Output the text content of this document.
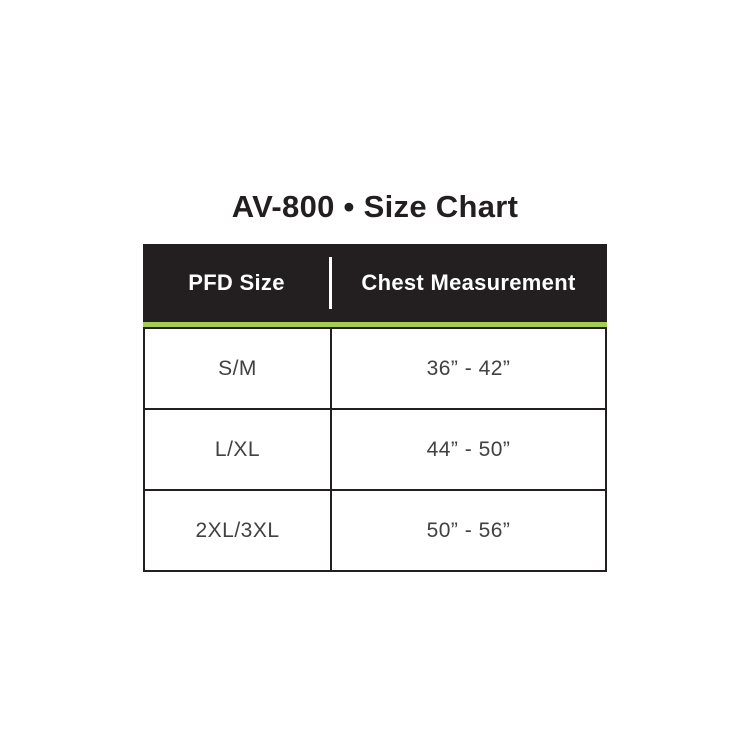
AV-800 • Size Chart
PFD Size	Chest Measurement
S/M	36” - 42”
L/XL	44” - 50”
2XL/3XL	50” - 56”
